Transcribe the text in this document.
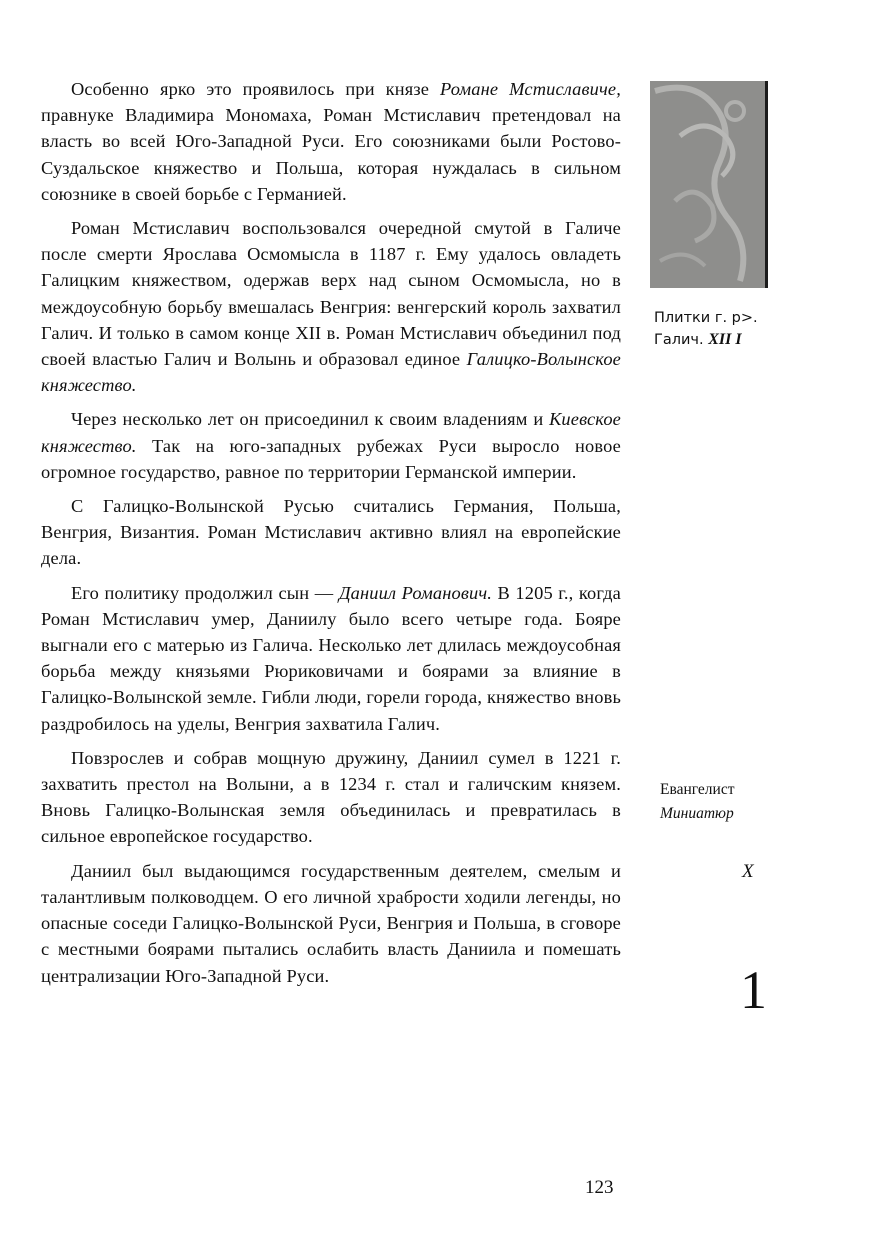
Особенно ярко это проявилось при князе Романе Мстиславиче, правнуке Владимира Мономаха, Роман Мстиславич претендовал на власть во всей Юго-Западной Руси. Его союзниками были Ростово-Суздальское княжество и Польша, которая нуждалась в сильном союзнике в своей борьбе с Германией.

Роман Мстиславич воспользовался очередной смутой в Галиче после смерти Ярослава Осмомысла в 1187 г. Ему удалось овладеть Галицким княжеством, одержав верх над сыном Осмомысла, но в междоусобную борьбу вмешалась Венгрия: венгерский король захватил Галич. И только в самом конце XII в. Роман Мстиславич объединил под своей властью Галич и Волынь и образовал единое Галицко-Волынское княжество.

Через несколько лет он присоединил к своим владениям и Киевское княжество. Так на юго-западных рубежах Руси выросло новое огромное государство, равное по территории Германской империи.

С Галицко-Волынской Русью считались Германия, Польша, Венгрия, Византия. Роман Мстиславич активно влиял на европейские дела.

Его политику продолжил сын — Даниил Романович. В 1205 г., когда Роман Мстиславич умер, Даниилу было всего четыре года. Бояре выгнали его с матерью из Галича. Несколько лет длилась междоусобная борьба между князьями Рюриковичами и боярами за влияние в Галицко-Волынской земле. Гибли люди, горели города, княжество вновь раздробилось на уделы, Венгрия захватила Галич.

Повзрослев и собрав мощную дружину, Даниил сумел в 1221 г. захватить престол на Волыни, а в 1234 г. стал и галичским князем. Вновь Галицко-Волынская земля объединилась и превратилась в сильное европейское государство.

Даниил был выдающимся государственным деятелем, смелым и талантливым полководцем. О его личной храбрости ходили легенды, но опасные соседи Галицко-Волынской Руси, Венгрия и Польша, в сговоре с местными боярами пытались ослабить власть Даниила и помешать централизации Юго-Западной Руси.

Плитки г. р>.
Галич. XII I
Евангелист
Миниатюр
X
1
123
